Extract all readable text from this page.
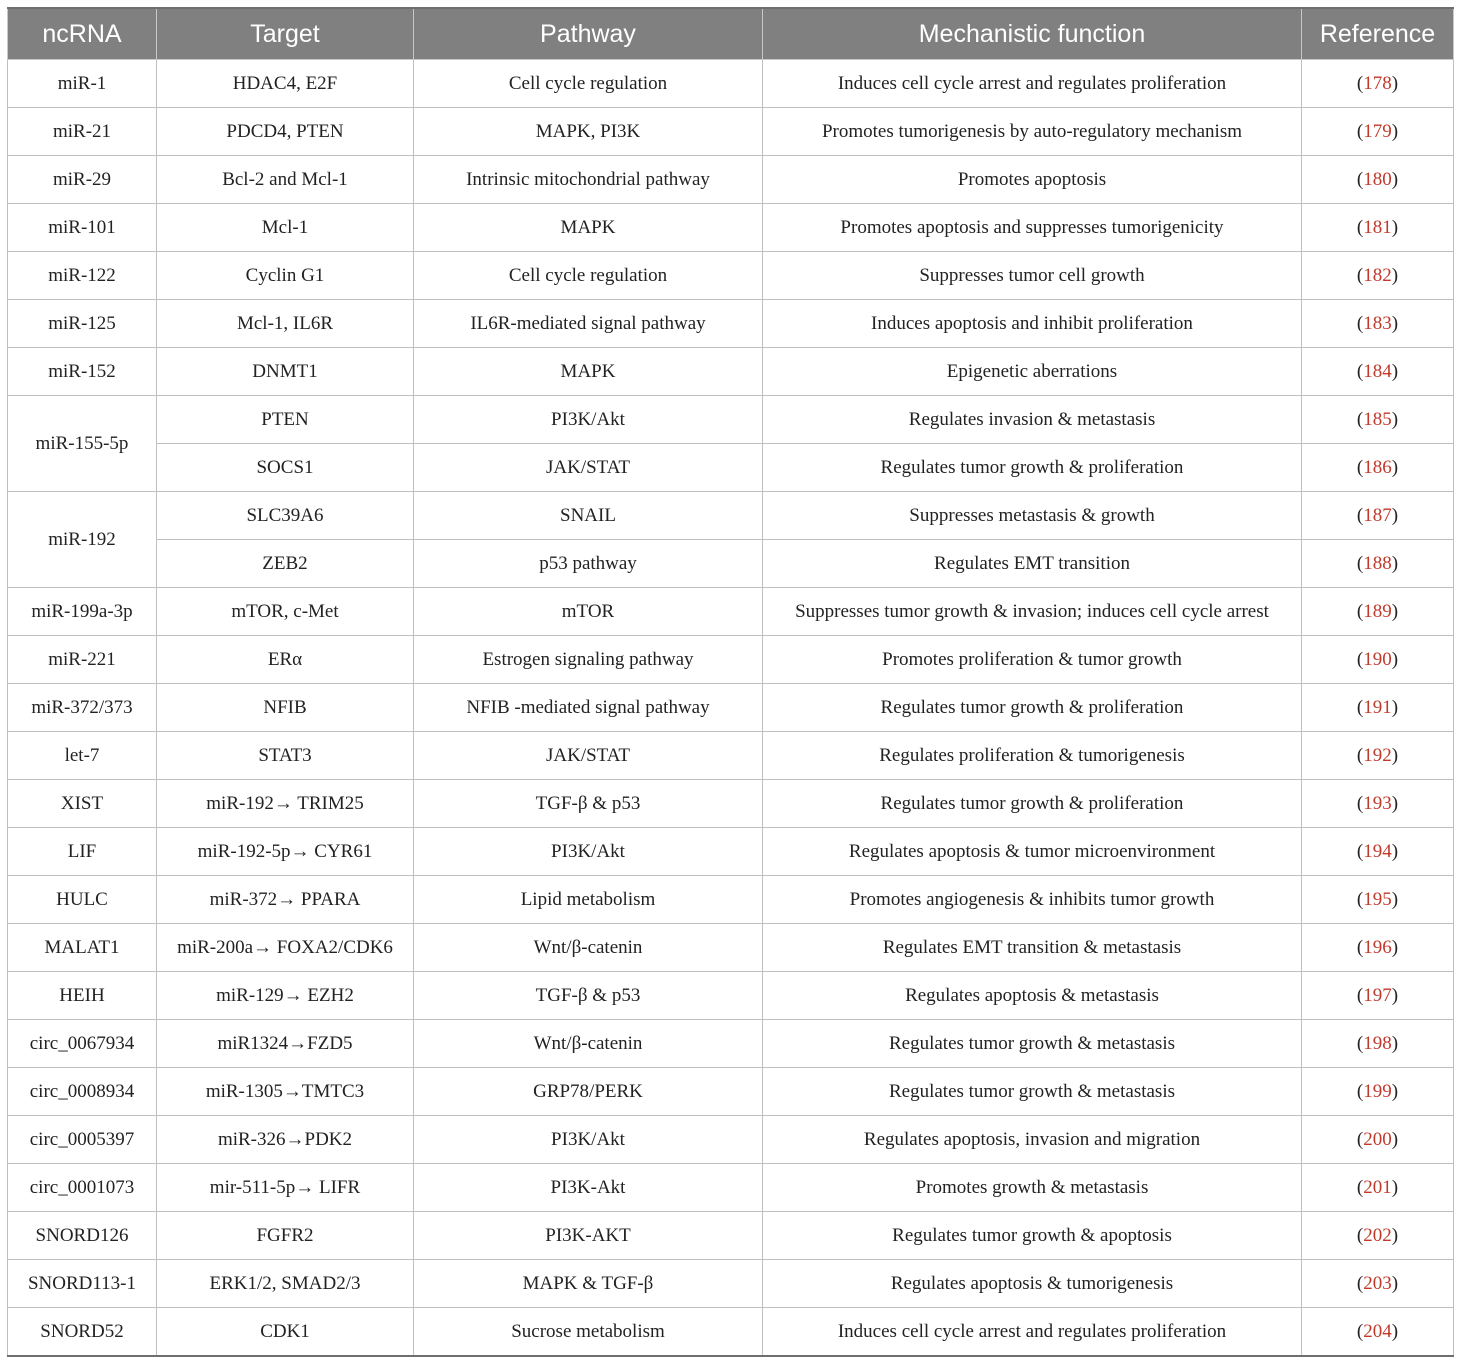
ncRNA	Target	Pathway	Mechanistic function	Reference
miR-1	HDAC4, E2F	Cell cycle regulation	Induces cell cycle arrest and regulates proliferation	(178)
miR-21	PDCD4, PTEN	MAPK, PI3K	Promotes tumorigenesis by auto-regulatory mechanism	(179)
miR-29	Bcl-2 and Mcl-1	Intrinsic mitochondrial pathway	Promotes apoptosis	(180)
miR-101	Mcl-1	MAPK	Promotes apoptosis and suppresses tumorigenicity	(181)
miR-122	Cyclin G1	Cell cycle regulation	Suppresses tumor cell growth	(182)
miR-125	Mcl-1, IL6R	IL6R-mediated signal pathway	Induces apoptosis and inhibit proliferation	(183)
miR-152	DNMT1	MAPK	Epigenetic aberrations	(184)
miR-155-5p	PTEN	PI3K/Akt	Regulates invasion & metastasis	(185)
	SOCS1	JAK/STAT	Regulates tumor growth & proliferation	(186)
miR-192	SLC39A6	SNAIL	Suppresses metastasis & growth	(187)
	ZEB2	p53 pathway	Regulates EMT transition	(188)
miR-199a-3p	mTOR, c-Met	mTOR	Suppresses tumor growth & invasion; induces cell cycle arrest	(189)
miR-221	ERα	Estrogen signaling pathway	Promotes proliferation & tumor growth	(190)
miR-372/373	NFIB	NFIB -mediated signal pathway	Regulates tumor growth & proliferation	(191)
let-7	STAT3	JAK/STAT	Regulates proliferation & tumorigenesis	(192)
XIST	miR-192→ TRIM25	TGF-β & p53	Regulates tumor growth & proliferation	(193)
LIF	miR-192-5p→ CYR61	PI3K/Akt	Regulates apoptosis & tumor microenvironment	(194)
HULC	miR-372→ PPARA	Lipid metabolism	Promotes angiogenesis & inhibits tumor growth	(195)
MALAT1	miR-200a→ FOXA2/CDK6	Wnt/β-catenin	Regulates EMT transition & metastasis	(196)
HEIH	miR-129→ EZH2	TGF-β & p53	Regulates apoptosis & metastasis	(197)
circ_0067934	miR1324→FZD5	Wnt/β-catenin	Regulates tumor growth & metastasis	(198)
circ_0008934	miR-1305→TMTC3	GRP78/PERK	Regulates tumor growth & metastasis	(199)
circ_0005397	miR-326→PDK2	PI3K/Akt	Regulates apoptosis, invasion and migration	(200)
circ_0001073	mir-511-5p→ LIFR	PI3K-Akt	Promotes growth & metastasis	(201)
SNORD126	FGFR2	PI3K-AKT	Regulates tumor growth & apoptosis	(202)
SNORD113-1	ERK1/2, SMAD2/3	MAPK & TGF-β	Regulates apoptosis & tumorigenesis	(203)
SNORD52	CDK1	Sucrose metabolism	Induces cell cycle arrest and regulates proliferation	(204)
